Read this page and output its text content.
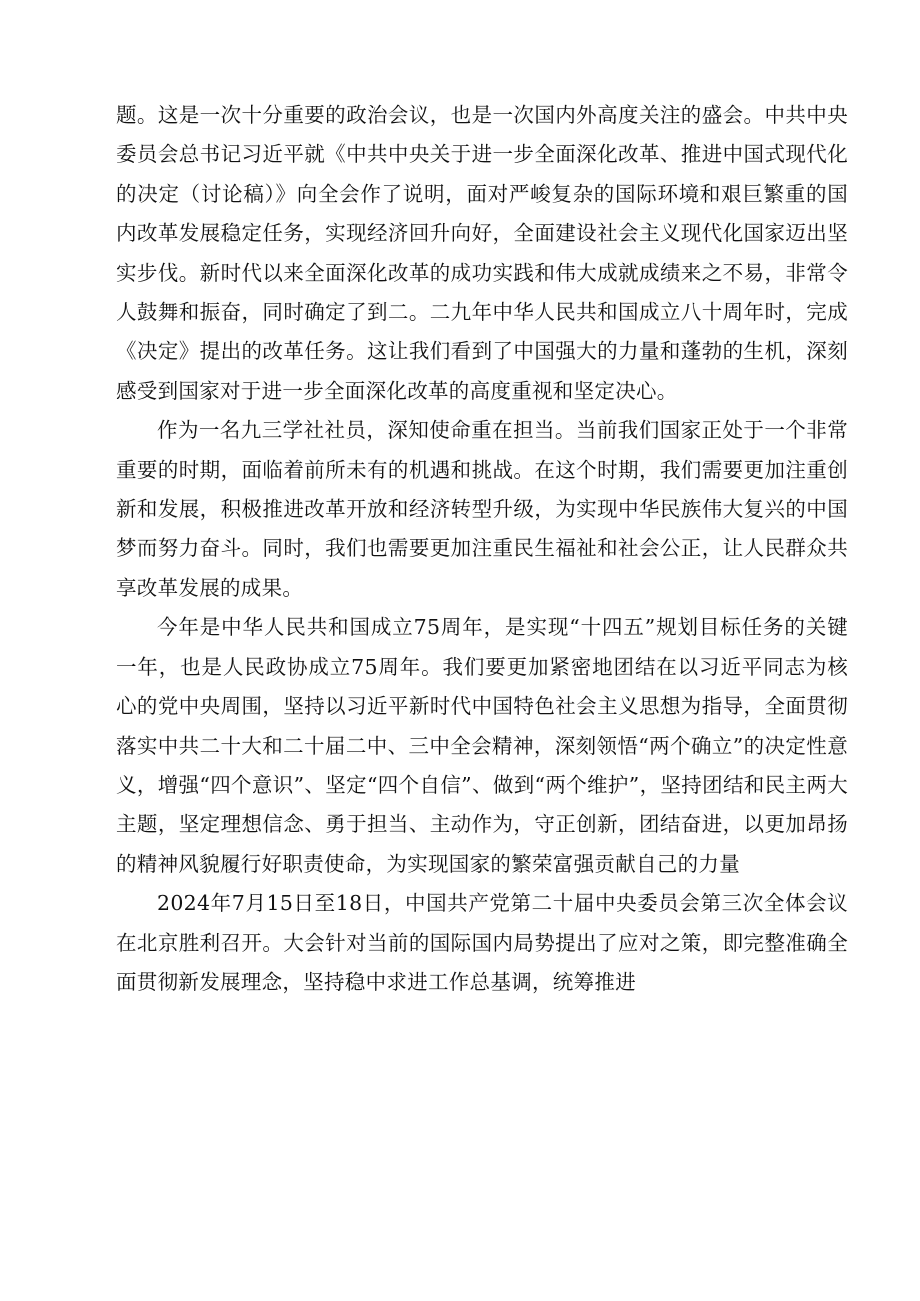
题。这是一次十分重要的政治会议，也是一次国内外高度关注的盛会。中共中央委员会总书记习近平就《中共中央关于进一步全面深化改革、推进中国式现代化的决定（讨论稿）》向全会作了说明，面对严峻复杂的国际环境和艰巨繁重的国内改革发展稳定任务，实现经济回升向好，全面建设社会主义现代化国家迈出坚实步伐。新时代以来全面深化改革的成功实践和伟大成就成绩来之不易，非常令人鼓舞和振奋，同时确定了到二。二九年中华人民共和国成立八十周年时，完成《决定》提出的改革任务。这让我们看到了中国强大的力量和蓬勃的生机，深刻感受到国家对于进一步全面深化改革的高度重视和坚定决心。

作为一名九三学社社员，深知使命重在担当。当前我们国家正处于一个非常重要的时期，面临着前所未有的机遇和挑战。在这个时期，我们需要更加注重创新和发展，积极推进改革开放和经济转型升级，为实现中华民族伟大复兴的中国梦而努力奋斗。同时，我们也需要更加注重民生福祉和社会公正，让人民群众共享改革发展的成果。

今年是中华人民共和国成立75周年，是实现“十四五”规划目标任务的关键一年，也是人民政协成立75周年。我们要更加紧密地团结在以习近平同志为核心的党中央周围，坚持以习近平新时代中国特色社会主义思想为指导，全面贯彻落实中共二十大和二十届二中、三中全会精神，深刻领悟“两个确立”的决定性意义，增强“四个意识”、坚定“四个自信”、做到“两个维护”，坚持团结和民主两大主题，坚定理想信念、勇于担当、主动作为，守正创新，团结奋进，以更加昂扬的精神风貌履行好职责使命，为实现国家的繁荣富强贡献自己的力量

2024年7月15日至18日，中国共产党第二十届中央委员会第三次全体会议在北京胜利召开。大会针对当前的国际国内局势提出了应对之策，即完整准确全面贯彻新发展理念，坚持稳中求进工作总基调，统筹推进
